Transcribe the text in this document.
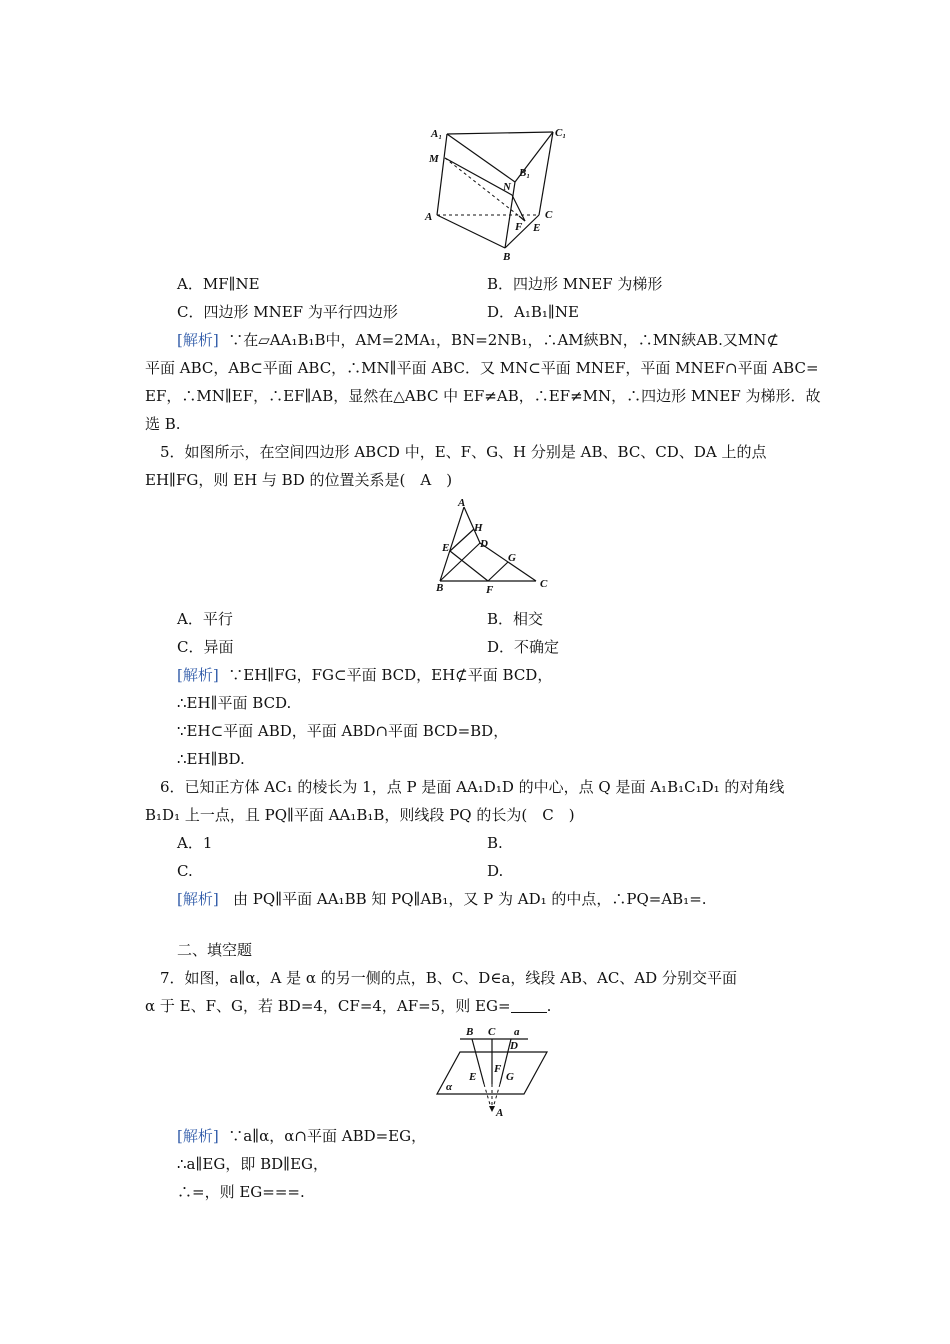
A₁	C₁
M
B₁
N
A	C
F E
B
A．MF∥NE	B．四边形 MNEF 为梯形
C．四边形 MNEF 为平行四边形	D．A₁B₁∥NE
[解析] ∵在▱AA₁B₁B中，AM=2MA₁，BN=2NB₁，∴AM綊BN，∴MN綊AB.又MN⊄
平面 ABC，AB⊂平面 ABC，∴MN∥平面 ABC．又 MN⊂平面 MNEF，平面 MNEF∩平面 ABC=
EF，∴MN∥EF，∴EF∥AB，显然在△ABC 中 EF≠AB，∴EF≠MN，∴四边形 MNEF 为梯形．故
选 B.
5．如图所示，在空间四边形 ABCD 中，E、F、G、H 分别是 AB、BC、CD、DA 上的点
EH∥FG，则 EH 与 BD 的位置关系是(　A　)
A
H
E	D
G
B	F	C
A．平行	B．相交
C．异面	D．不确定
[解析] ∵EH∥FG，FG⊂平面 BCD，EH⊄平面 BCD，
∴EH∥平面 BCD.
∵EH⊂平面 ABD，平面 ABD∩平面 BCD=BD，
∴EH∥BD.
6．已知正方体 AC₁ 的棱长为 1，点 P 是面 AA₁D₁D 的中心，点 Q 是面 A₁B₁C₁D₁ 的对角线
B₁D₁ 上一点，且 PQ∥平面 AA₁B₁B，则线段 PQ 的长为(　C　)
A．1	B.
C.	D.
[解析] 由 PQ∥平面 AA₁BB 知 PQ∥AB₁，又 P 为 AD₁ 的中点，∴PQ=AB₁=.
二、填空题
7．如图，a∥α，A 是 α 的另一侧的点，B、C、D∈a，线段 AB、AC、AD 分别交平面
α 于 E、F、G，若 BD=4，CF=4，AF=5，则 EG= .
B C a
D
F
E	G
α
A
[解析] ∵a∥α，α∩平面 ABD=EG，
∴a∥EG，即 BD∥EG，
∴=，则 EG===.
